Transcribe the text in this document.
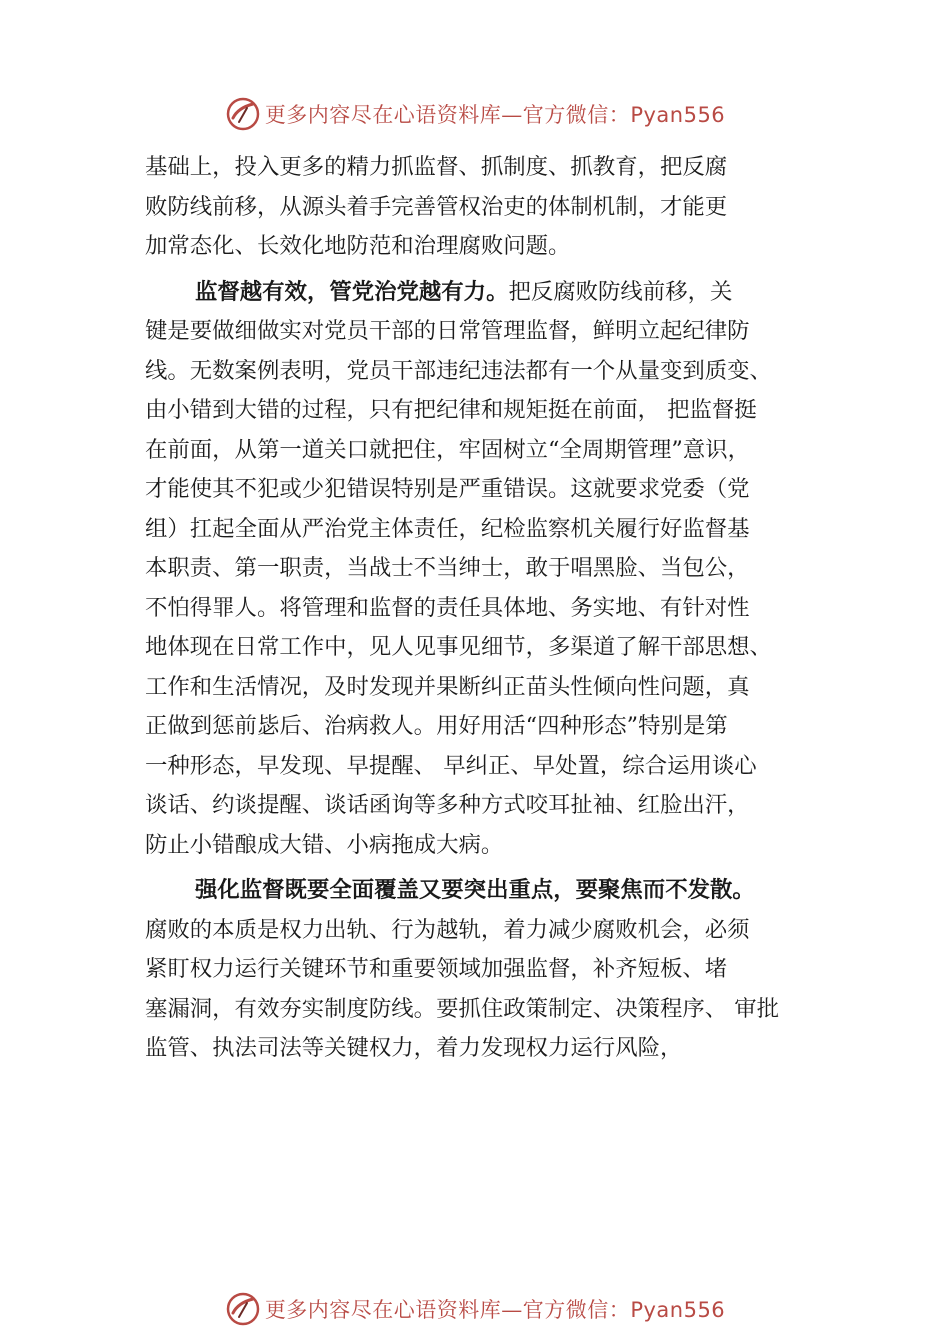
更多内容尽在心语资料库—官方微信：Pyan556
基础上，投入更多的精力抓监督、抓制度、抓教育，把反腐
败防线前移，从源头着手完善管权治吏的体制机制，才能更
加常态化、长效化地防范和治理腐败问题。
监督越有效，管党治党越有力。把反腐败防线前移，关
键是要做细做实对党员干部的日常管理监督，鲜明立起纪律防
线。无数案例表明，党员干部违纪违法都有一个从量变到质变、
由小错到大错的过程，只有把纪律和规矩挺在前面， 把监督挺
在前面，从第一道关口就把住，牢固树立“全周期管理”意识，
才能使其不犯或少犯错误特别是严重错误。这就要求党委（党
组）扛起全面从严治党主体责任，纪检监察机关履行好监督基
本职责、第一职责，当战士不当绅士，敢于唱黑脸、当包公，
不怕得罪人。将管理和监督的责任具体地、务实地、有针对性
地体现在日常工作中，见人见事见细节，多渠道了解干部思想、
工作和生活情况，及时发现并果断纠正苗头性倾向性问题，真
正做到惩前毖后、治病救人。用好用活“四种形态”特别是第
一种形态，早发现、早提醒、 早纠正、早处置，综合运用谈心
谈话、约谈提醒、谈话函询等多种方式咬耳扯袖、红脸出汗，
防止小错酿成大错、小病拖成大病。
强化监督既要全面覆盖又要突出重点，要聚焦而不发散。
腐败的本质是权力出轨、行为越轨，着力减少腐败机会，必须
紧盯权力运行关键环节和重要领域加强监督，补齐短板、堵
塞漏洞，有效夯实制度防线。要抓住政策制定、决策程序、 审批
监管、执法司法等关键权力，着力发现权力运行风险，
更多内容尽在心语资料库—官方微信：Pyan556
